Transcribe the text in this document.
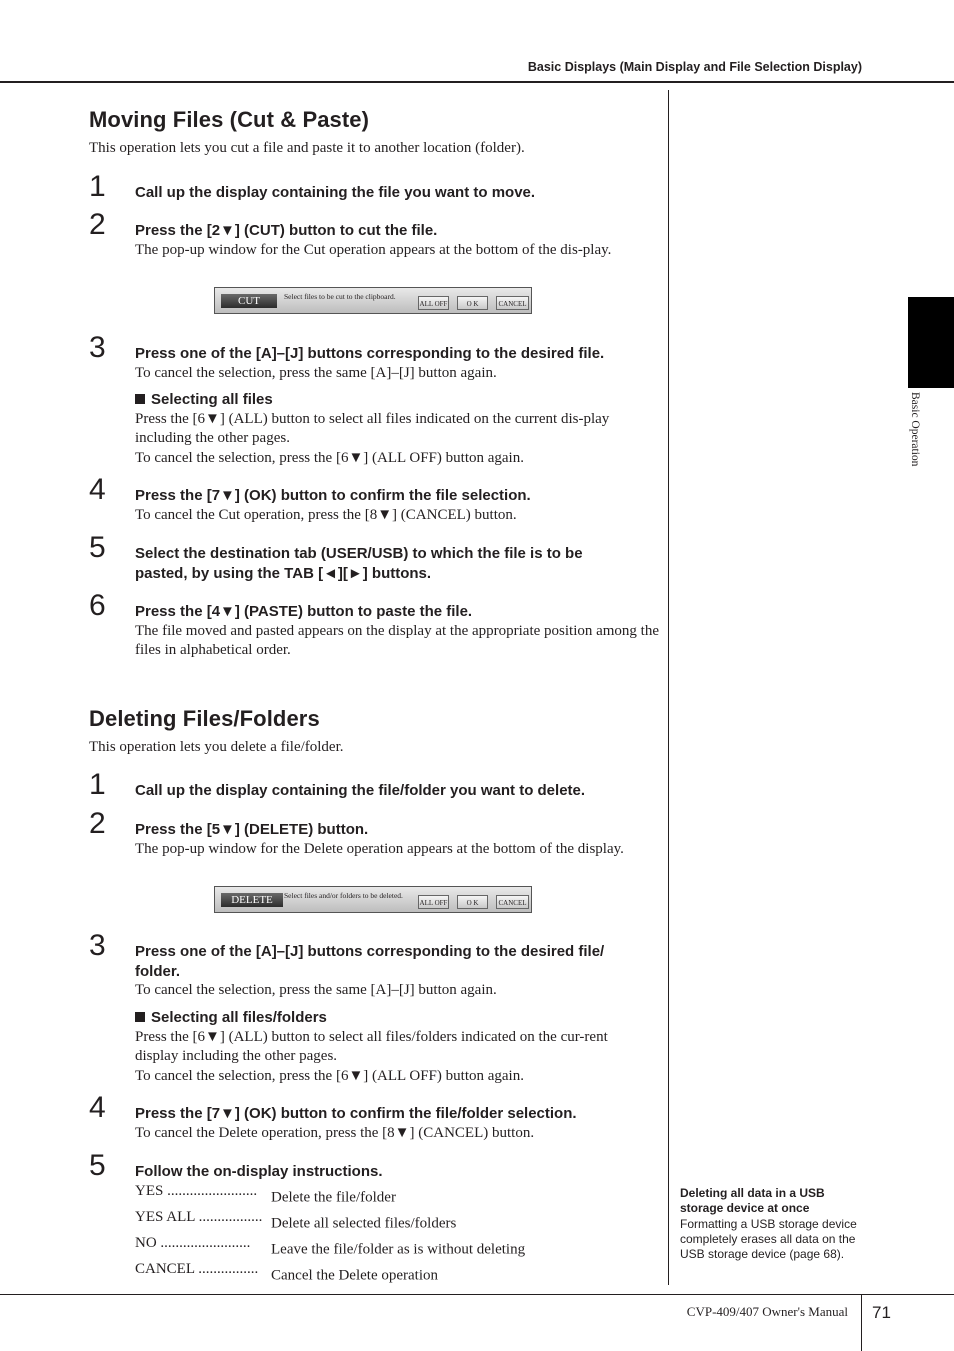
Basic Displays (Main Display and File Selection Display)
Basic Operation
Moving Files (Cut & Paste)
This operation lets you cut a file and paste it to another location (folder).
1 Call up the display containing the file you want to move.
2 Press the [2▼] (CUT) button to cut the file.
The pop-up window for the Cut operation appears at the bottom of the dis-play.
CUT	Select files to be cut to the clipboard.
ALL OFF	O K	CANCEL
3 Press one of the [A]–[J] buttons corresponding to the desired file.
To cancel the selection, press the same [A]–[J] button again.
Selecting all files
Press the [6▼] (ALL) button to select all files indicated on the current dis-play including the other pages.
To cancel the selection, press the [6▼] (ALL OFF) button again.
4 Press the [7▼] (OK) button to confirm the file selection.
To cancel the Cut operation, press the [8▼] (CANCEL) button.
5 Select the destination tab (USER/USB) to which the file is to be pasted, by using the TAB [◄][►] buttons.
6 Press the [4▼] (PASTE) button to paste the file.
The file moved and pasted appears on the display at the appropriate position among the files in alphabetical order.
Deleting Files/Folders
This operation lets you delete a file/folder.
1 Call up the display containing the file/folder you want to delete.
2 Press the [5▼] (DELETE) button.
The pop-up window for the Delete operation appears at the bottom of the display.
DELETE	Select files and/or folders to be deleted.
ALL OFF	O K	CANCEL
3 Press one of the [A]–[J] buttons corresponding to the desired file/ folder.
To cancel the selection, press the same [A]–[J] button again.
Selecting all files/folders
Press the [6▼] (ALL) button to select all files/folders indicated on the cur-rent display including the other pages.
To cancel the selection, press the [6▼] (ALL OFF) button again.
4 Press the [7▼] (OK) button to confirm the file/folder selection.
To cancel the Delete operation, press the [8▼] (CANCEL) button.
5 Follow the on-display instructions.
YES ........................ Delete the file/folder
YES ALL ................. Delete all selected files/folders
NO ........................ Leave the file/folder as is without deleting
CANCEL ................ Cancel the Delete operation
Deleting all data in a USB storage device at once
Formatting a USB storage device completely erases all data on the USB storage device (page 68).
CVP-409/407 Owner's Manual 71
